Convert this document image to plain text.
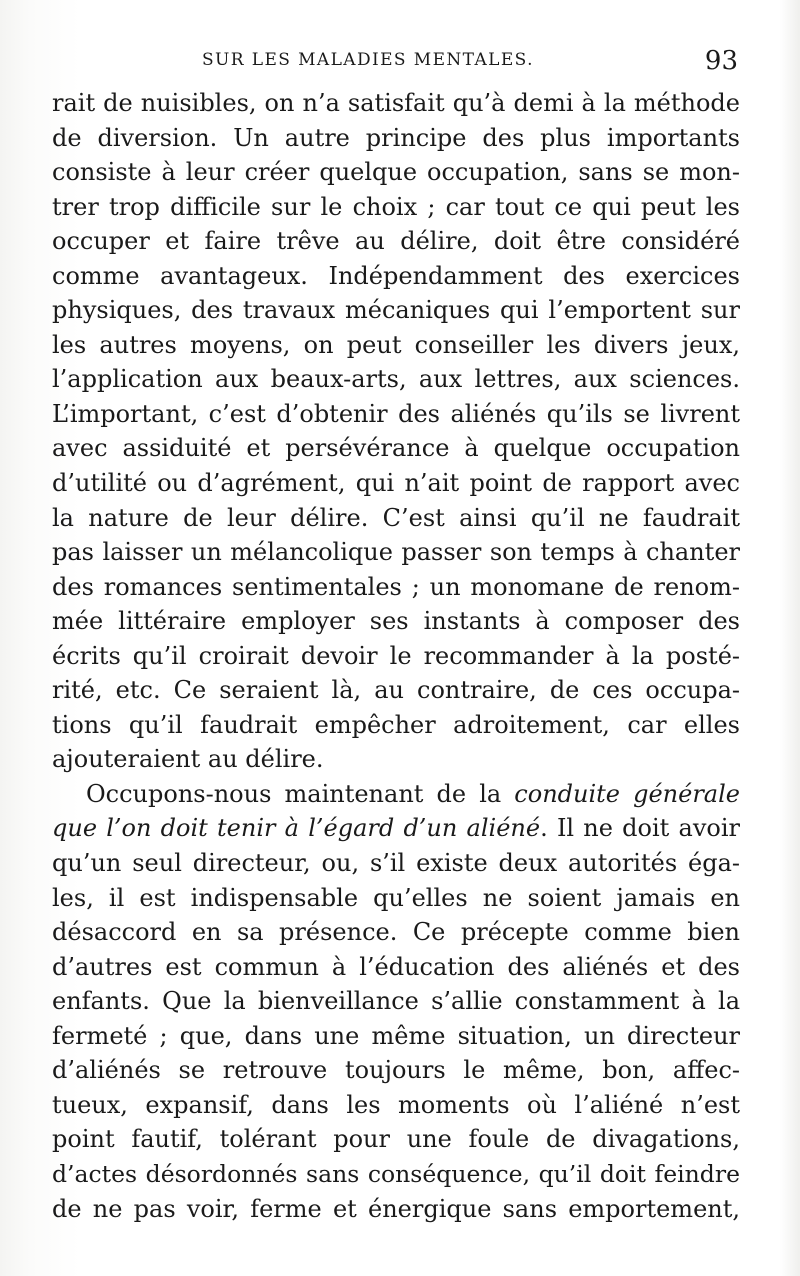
SUR LES MALADIES MENTALES.	93
rait de nuisibles, on n’a satisfait qu’à demi à la méthode
de diversion. Un autre principe des plus importants
consiste à leur créer quelque occupation, sans se mon-
trer trop difficile sur le choix ; car tout ce qui peut les
occuper et faire trêve au délire, doit être considéré
comme avantageux. Indépendamment des exercices
physiques, des travaux mécaniques qui l’emportent sur
les autres moyens, on peut conseiller les divers jeux,
l’application aux beaux-arts, aux lettres, aux sciences.
L’important, c’est d’obtenir des aliénés qu’ils se livrent
avec assiduité et persévérance à quelque occupation
d’utilité ou d’agrément, qui n’ait point de rapport avec
la nature de leur délire. C’est ainsi qu’il ne faudrait
pas laisser un mélancolique passer son temps à chanter
des romances sentimentales ; un monomane de renom-
mée littéraire employer ses instants à composer des
écrits qu’il croirait devoir le recommander à la posté-
rité, etc. Ce seraient là, au contraire, de ces occupa-
tions qu’il faudrait empêcher adroitement, car elles
ajouteraient au délire.
Occupons-nous maintenant de la conduite générale
que l’on doit tenir à l’égard d’un aliéné. Il ne doit avoir
qu’un seul directeur, ou, s’il existe deux autorités éga-
les, il est indispensable qu’elles ne soient jamais en
désaccord en sa présence. Ce précepte comme bien
d’autres est commun à l’éducation des aliénés et des
enfants. Que la bienveillance s’allie constamment à la
fermeté ; que, dans une même situation, un directeur
d’aliénés se retrouve toujours le même, bon, affec-
tueux, expansif, dans les moments où l’aliéné n’est
point fautif, tolérant pour une foule de divagations,
d’actes désordonnés sans conséquence, qu’il doit feindre
de ne pas voir, ferme et énergique sans emportement,
